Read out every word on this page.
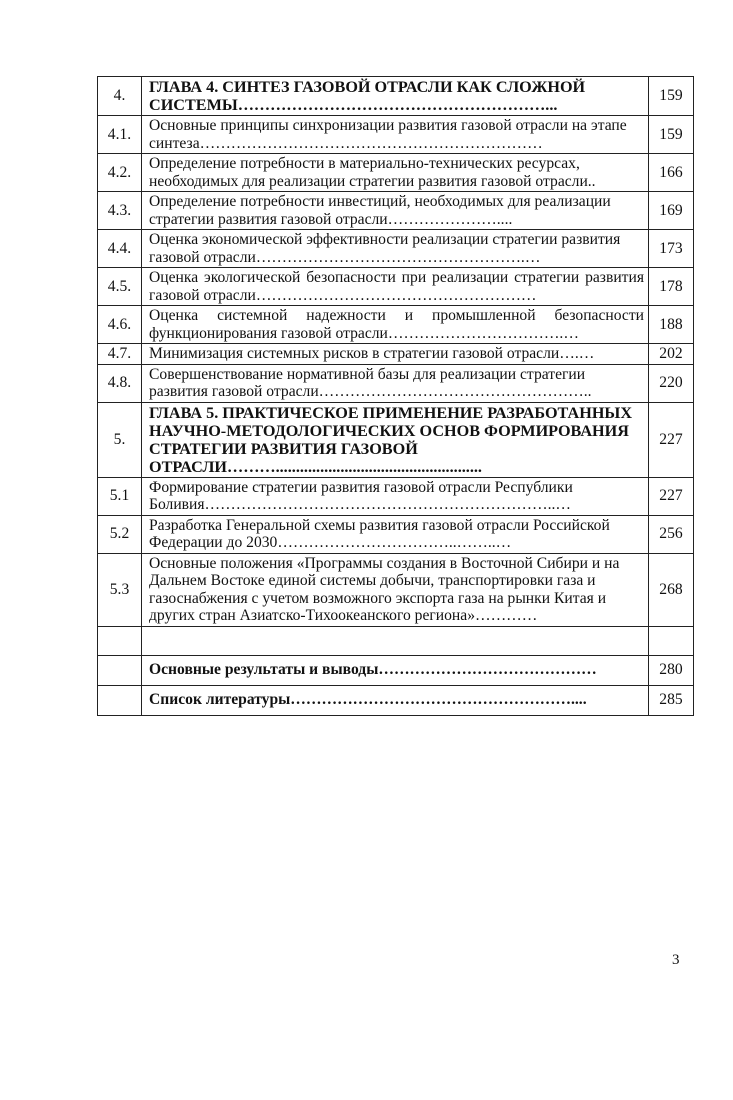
4.	ГЛАВА 4. СИНТЕЗ ГАЗОВОЙ ОТРАСЛИ КАК СЛОЖНОЙ СИСТЕМЫ…………………………………………………...	159
4.1.	Основные принципы синхронизации развития газовой отрасли на этапе синтеза…………………………………………………………	159
4.2.	Определение потребности в материально-технических ресурсах, необходимых для реализации стратегии развития газовой отрасли..	166
4.3.	Определение потребности инвестиций, необходимых для реализации стратегии развития газовой отрасли…………………....	169
4.4.	Оценка экономической эффективности реализации стратегии развития газовой отрасли…………………………………………….…	173
4.5.	Оценка экологической безопасности при реализации стратегии развития газовой отрасли………………………………………………	178
4.6.	Оценка системной надежности и промышленной безопасности функционирования газовой отрасли…………………………….…	188
4.7.	Минимизация системных рисков в стратегии газовой отрасли….…	202
4.8.	Совершенствование нормативной базы для реализации стратегии развития газовой отрасли……………………………………………..	220
5.	ГЛАВА 5. ПРАКТИЧЕСКОЕ ПРИМЕНЕНИЕ РАЗРАБОТАННЫХ НАУЧНО-МЕТОДОЛОГИЧЕСКИХ ОСНОВ ФОРМИРОВАНИЯ СТРАТЕГИИ РАЗВИТИЯ ГАЗОВОЙ ОТРАСЛИ………...................................................	227
5.1	Формирование стратегии развития газовой отрасли Республики Боливия…………………………………………………………..…	227
5.2	Разработка Генеральной схемы развития газовой отрасли Российской Федерации до 2030……………………………..……..…	256
5.3	Основные положения «Программы создания в Восточной Сибири и на Дальнем Востоке единой системы добычи, транспортировки газа и газоснабжения с учетом возможного экспорта газа на рынки Китая и других стран Азиатско-Тихоокеанского региона»…………	268

	Основные результаты и выводы……………………………………	280
	Список литературы………………………………………………....	285
3
